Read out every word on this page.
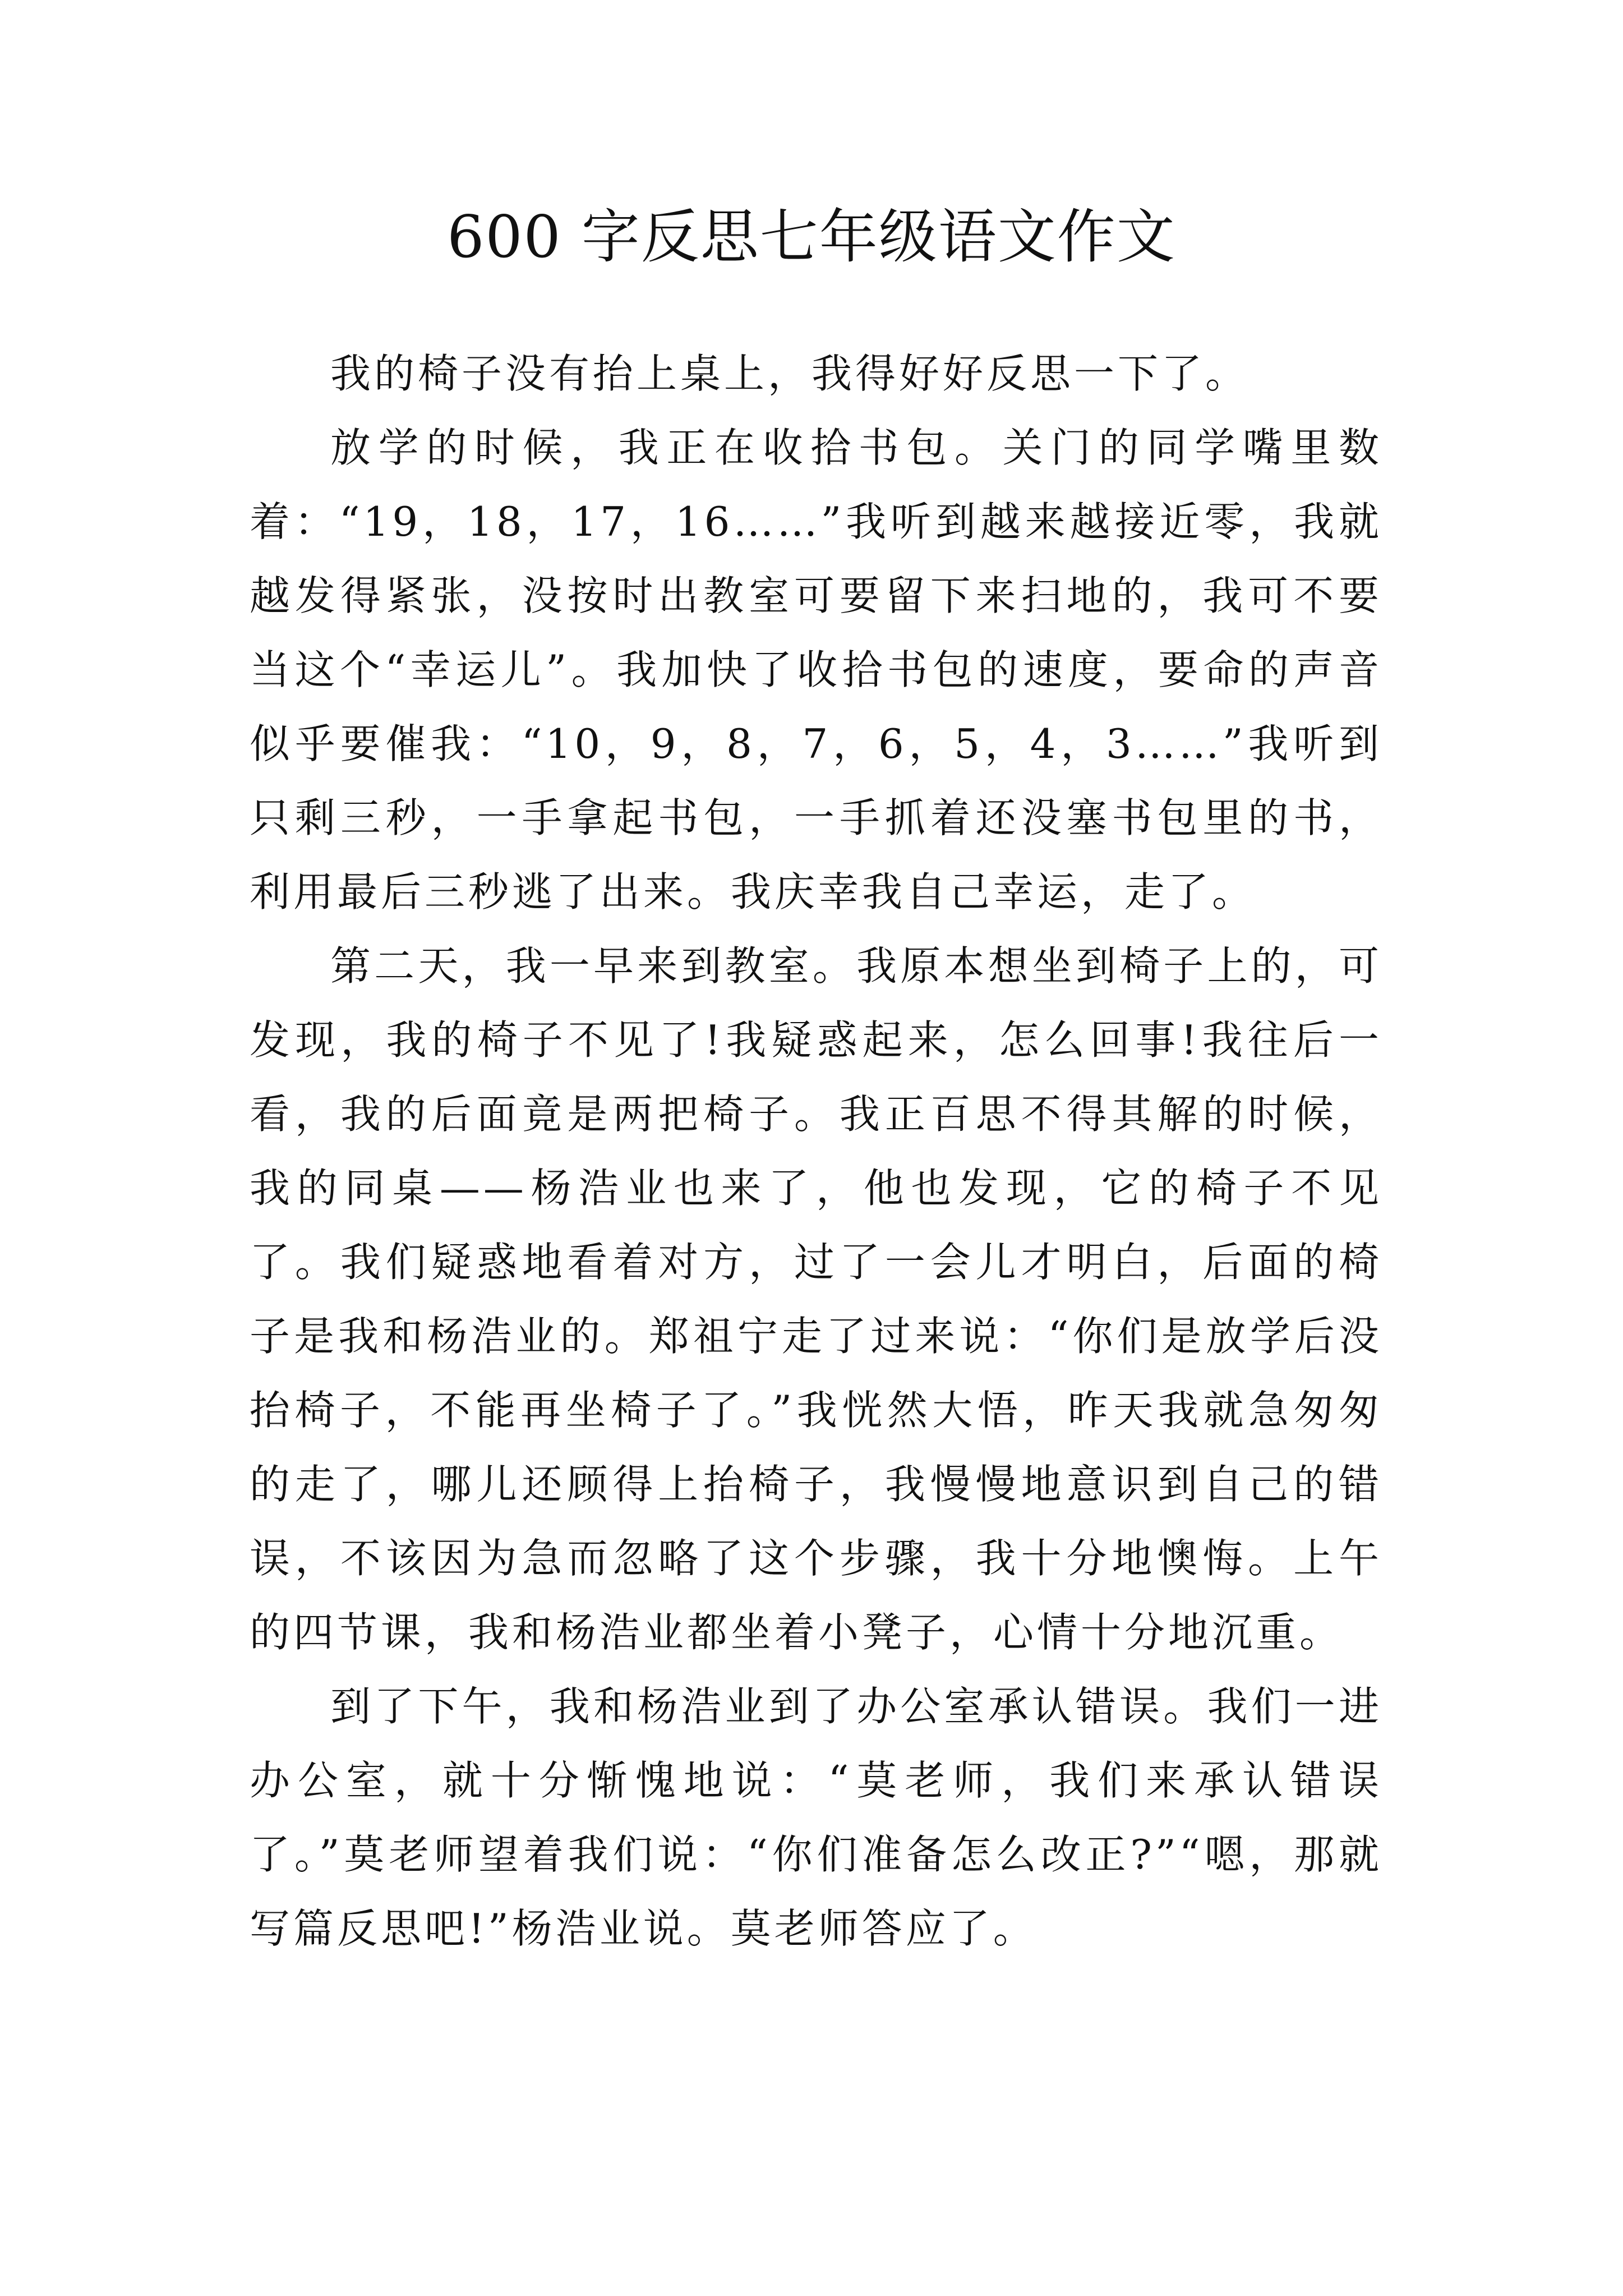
600 字反思七年级语文作文

我的椅子没有抬上桌上，我得好好反思一下了。

放学的时候，我正在收拾书包。关门的同学嘴里数着：“19，18，17，16……”我听到越来越接近零，我就越发得紧张，没按时出教室可要留下来扫地的，我可不要当这个“幸运儿”。我加快了收拾书包的速度，要命的声音似乎要催我：“10，9，8，7，6，5，4，3……”我听到只剩三秒，一手拿起书包，一手抓着还没塞书包里的书，利用最后三秒逃了出来。我庆幸我自己幸运，走了。

第二天，我一早来到教室。我原本想坐到椅子上的，可发现，我的椅子不见了!我疑惑起来，怎么回事!我往后一看，我的后面竟是两把椅子。我正百思不得其解的时候，我的同桌——杨浩业也来了，他也发现，它的椅子不见了。我们疑惑地看着对方，过了一会儿才明白，后面的椅子是我和杨浩业的。郑祖宁走了过来说：“你们是放学后没抬椅子，不能再坐椅子了。”我恍然大悟，昨天我就急匆匆的走了，哪儿还顾得上抬椅子，我慢慢地意识到自己的错误，不该因为急而忽略了这个步骤，我十分地懊悔。上午的四节课，我和杨浩业都坐着小凳子，心情十分地沉重。

到了下午，我和杨浩业到了办公室承认错误。我们一进办公室，就十分惭愧地说：“莫老师，我们来承认错误了。”莫老师望着我们说：“你们准备怎么改正?”“嗯，那就写篇反思吧!”杨浩业说。莫老师答应了。
